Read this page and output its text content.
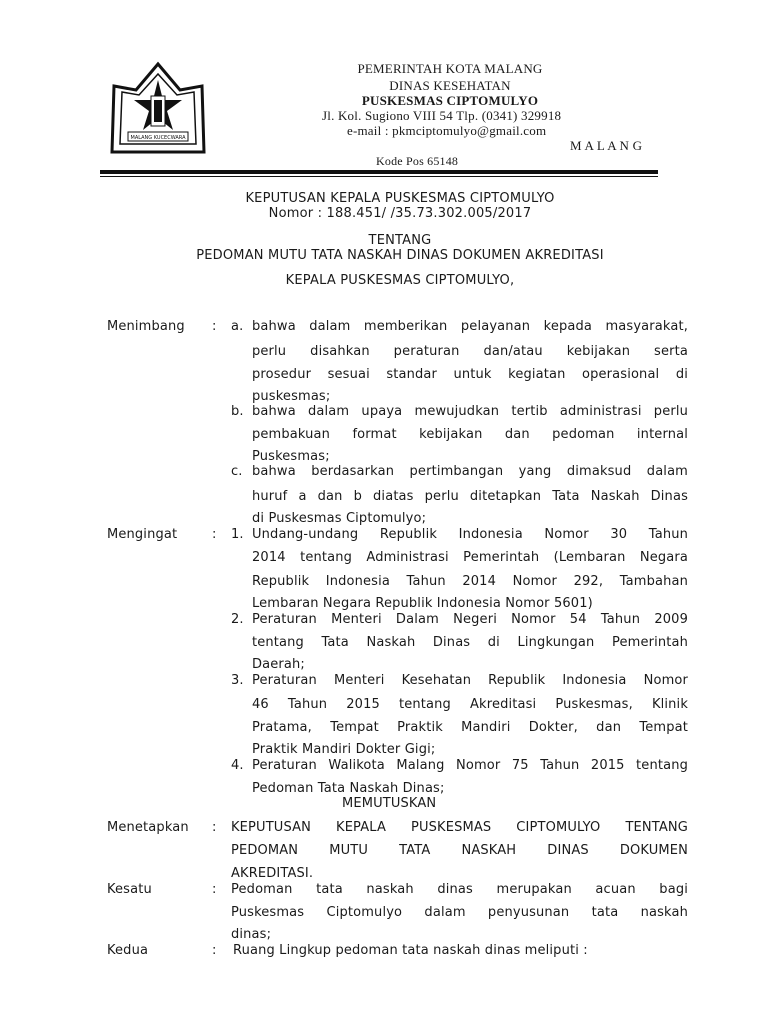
MALANG KUCECWARA
PEMERINTAH KOTA MALANG
DINAS KESEHATAN
PUSKESMAS CIPTOMULYO
Jl. Kol. Sugiono VIII 54 Tlp. (0341) 329918
e-mail : pkmciptomulyo@gmail.com
M A L A N G
Kode Pos 65148
KEPUTUSAN KEPALA PUSKESMAS CIPTOMULYO
Nomor : 188.451/ /35.73.302.005/2017
TENTANG
PEDOMAN MUTU TATA NASKAH DINAS DOKUMEN AKREDITASI
KEPALA PUSKESMAS CIPTOMULYO,
Menimbang : a. bahwa dalam memberikan pelayanan kepada masyarakat,
perlu disahkan peraturan dan/atau kebijakan serta
prosedur sesuai standar untuk kegiatan operasional di
puskesmas;
b. bahwa dalam upaya mewujudkan tertib administrasi perlu
pembakuan format kebijakan dan pedoman internal
Puskesmas;
c. bahwa berdasarkan pertimbangan yang dimaksud dalam
huruf a dan b diatas perlu ditetapkan Tata Naskah Dinas
di Puskesmas Ciptomulyo;
Mengingat	: 1. Undang-undang Republik Indonesia Nomor 30 Tahun
2014 tentang Administrasi Pemerintah (Lembaran Negara
Republik Indonesia Tahun 2014 Nomor 292, Tambahan
Lembaran Negara Republik Indonesia Nomor 5601)
2. Peraturan Menteri Dalam Negeri Nomor 54 Tahun 2009
tentang Tata Naskah Dinas di Lingkungan Pemerintah
Daerah;
3. Peraturan Menteri Kesehatan Republik Indonesia Nomor
46 Tahun 2015 tentang Akreditasi Puskesmas, Klinik
Pratama, Tempat Praktik Mandiri Dokter, dan Tempat
Praktik Mandiri Dokter Gigi;
4. Peraturan Walikota Malang Nomor 75 Tahun 2015 tentang
Pedoman Tata Naskah Dinas;
MEMUTUSKAN
Menetapkan : KEPUTUSAN KEPALA PUSKESMAS CIPTOMULYO TENTANG
PEDOMAN MUTU TATA NASKAH DINAS DOKUMEN
AKREDITASI.
Kesatu	: Pedoman tata naskah dinas merupakan acuan bagi
Puskesmas Ciptomulyo dalam penyusunan tata naskah
dinas;
Kedua	: Ruang Lingkup pedoman tata naskah dinas meliputi :
